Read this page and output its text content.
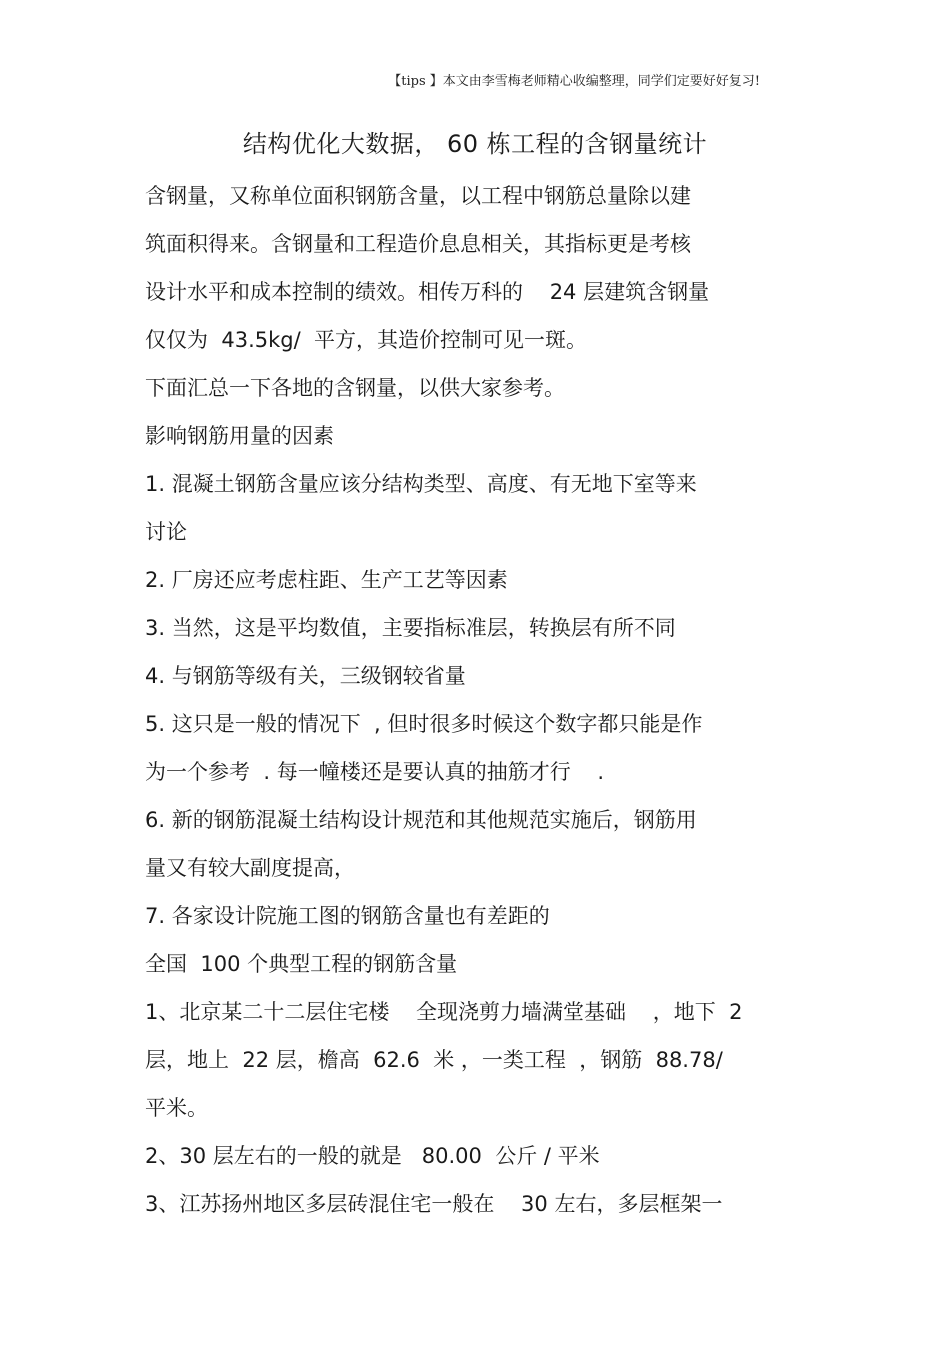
【tips 】本文由李雪梅老师精心收编整理，同学们定要好好复习!
结构优化大数据， 60 栋工程的含钢量统计
含钢量，又称单位面积钢筋含量，以工程中钢筋总量除以建
筑面积得来。含钢量和工程造价息息相关，其指标更是考核
设计水平和成本控制的绩效。相传万科的    24 层建筑含钢量
仅仅为  43.5kg/  平方，其造价控制可见一斑。
下面汇总一下各地的含钢量，以供大家参考。
影响钢筋用量的因素
1. 混凝土钢筋含量应该分结构类型、高度、有无地下室等来
讨论
2. 厂房还应考虑柱距、生产工艺等因素
3. 当然，这是平均数值，主要指标准层，转换层有所不同
4. 与钢筋等级有关，三级钢较省量
5. 这只是一般的情况下  , 但时很多时候这个数字都只能是作
为一个参考  . 每一幢楼还是要认真的抽筋才行    .
6. 新的钢筋混凝土结构设计规范和其他规范实施后，钢筋用
量又有较大副度提高，
7. 各家设计院施工图的钢筋含量也有差距的
全国  100 个典型工程的钢筋含量
1、北京某二十二层住宅楼    全现浇剪力墙满堂基础    ，地下  2
层，地上  22 层，檐高  62.6  米 ，一类工程  ，钢筋  88.78/
平米。
2、30 层左右的一般的就是   80.00  公斤 / 平米
3、江苏扬州地区多层砖混住宅一般在    30 左右，多层框架一
